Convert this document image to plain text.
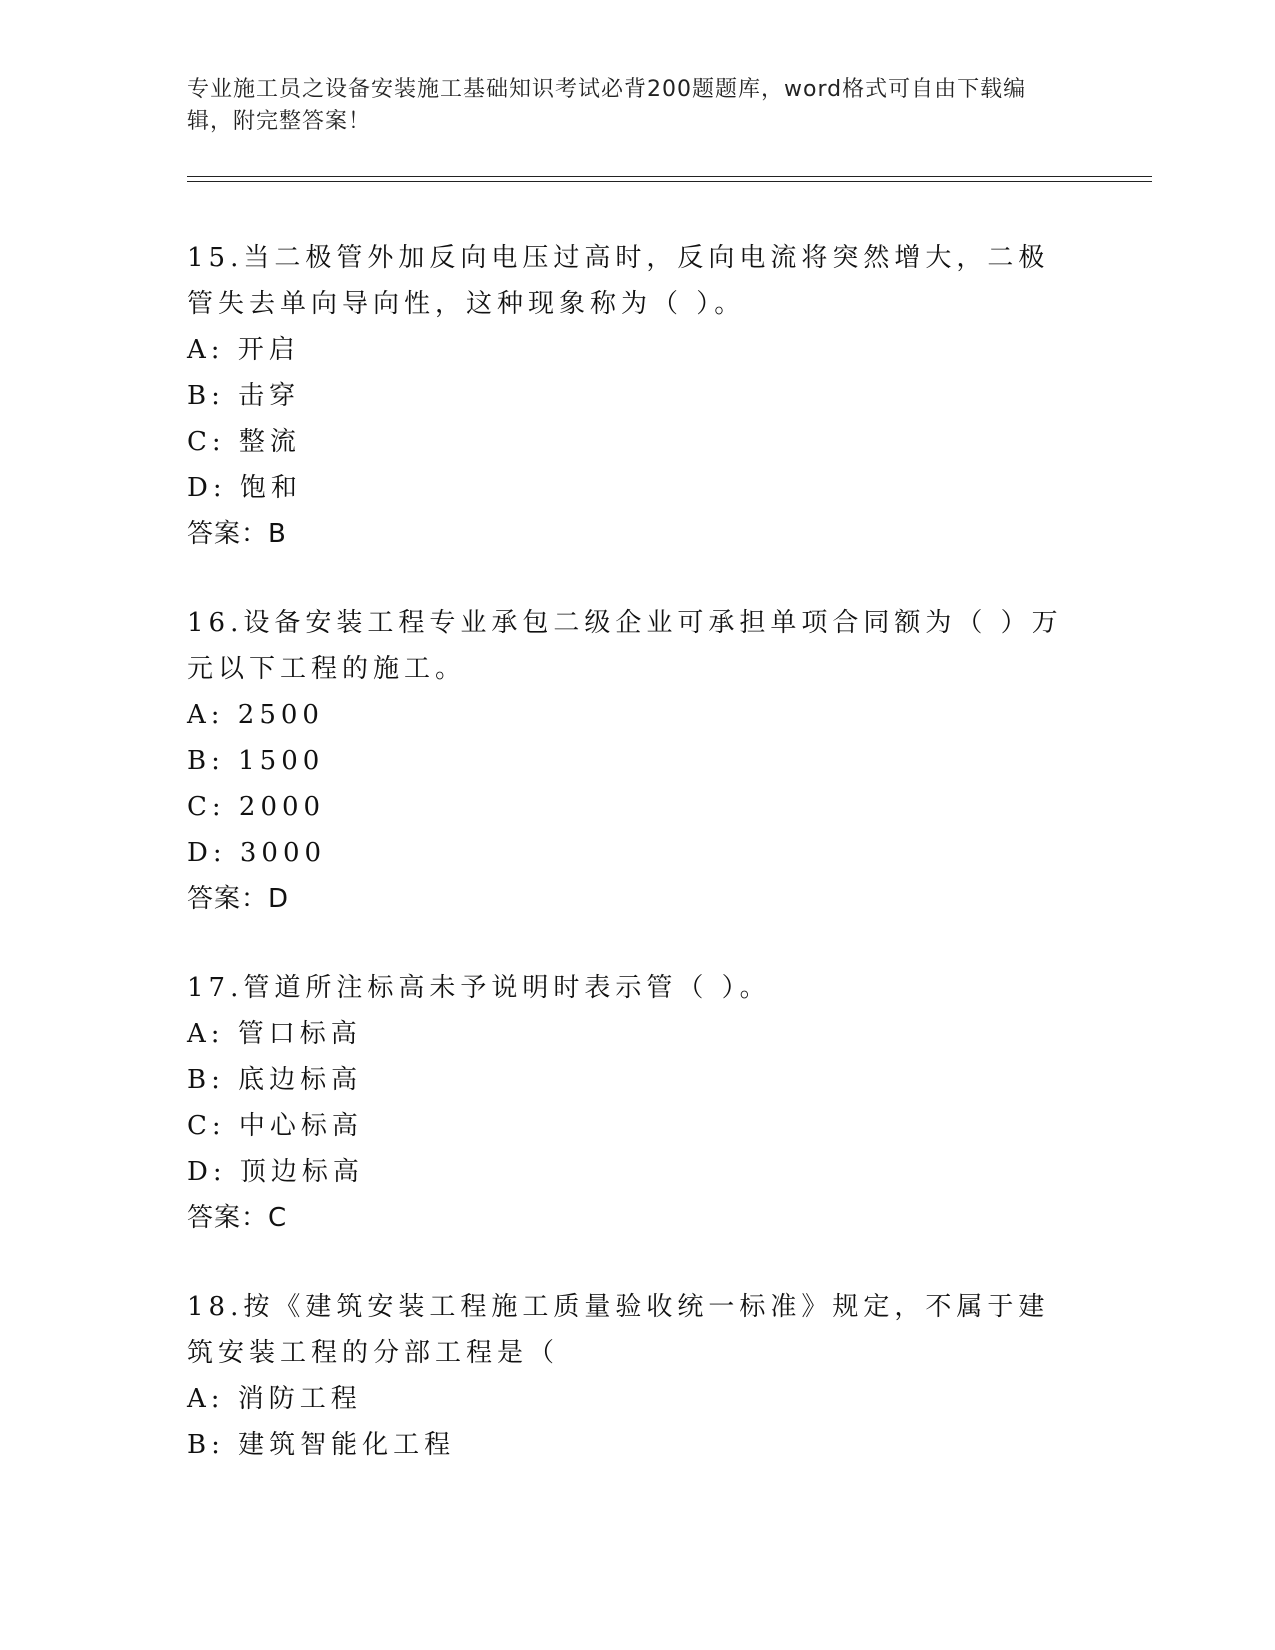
专业施工员之设备安装施工基础知识考试必背200题题库，word格式可自由下载编辑，附完整答案！

15.当二极管外加反向电压过高时，反向电流将突然增大，二极管失去单向导向性，这种现象称为（ ）。

A: 开启

B: 击穿

C: 整流

D: 饱和

答案：B

16.设备安装工程专业承包二级企业可承担单项合同额为（ ）万元以下工程的施工。

A: 2500

B: 1500

C: 2000

D: 3000

答案：D

17.管道所注标高未予说明时表示管（ ）。

A: 管口标高

B: 底边标高

C: 中心标高

D: 顶边标高

答案：C

18.按《建筑安装工程施工质量验收统一标准》规定，不属于建筑安装工程的分部工程是（

A: 消防工程

B: 建筑智能化工程
